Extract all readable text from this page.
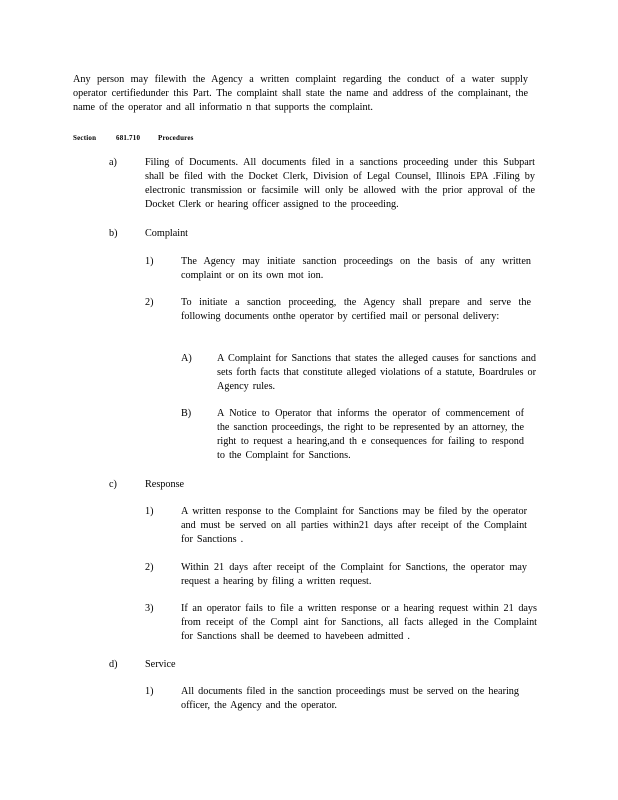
Any person may filewith the Agency a written complaint regarding the conduct of a water supply operator certifiedunder this Part. The complaint shall state the name and address of the complainant, the name of the operator and all informatio n that supports the complaint.
Section	681.710	Procedures
a)	Filing of Documents. All documents filed in a sanctions proceeding under this Subpart shall be filed with the Docket Clerk, Division of Legal Counsel, Illinois EPA .Filing by electronic transmission or facsimile will only be allowed with the prior approval of the Docket Clerk or hearing officer assigned to the proceeding.
b)	Complaint
1)	The Agency may initiate sanction proceedings on the basis of any written complaint or on its own mot ion.
2)	To initiate a sanction proceeding, the Agency shall prepare and serve the following documents onthe operator by certified mail or personal delivery:
A) A Complaint for Sanctions that states the alleged causes for sanctions and sets forth facts that constitute alleged violations of a statute, Boardrules or Agency rules.
B)	A Notice to Operator that informs the operator of commencement of the sanction proceedings, the right to be represented by an attorney, the right to request a hearing,and th e consequences for failing to respond to the Complaint for Sanctions.
c)	Response
1)	A written response to the Complaint for Sanctions may be filed by the operator and must be served on all parties within21 days after receipt of the Complaint for Sanctions .
2)	Within 21 days after receipt of the Complaint for Sanctions, the operator may request a hearing by filing a written request.
3)	If an operator fails to file a written response or a hearing request within 21 days from receipt of the Compl aint for Sanctions, all facts alleged in the Complaint for Sanctions shall be deemed to havebeen admitted .
d)	Service
1)	All documents filed in the sanction proceedings must be served on the hearing officer, the Agency and the operator.
